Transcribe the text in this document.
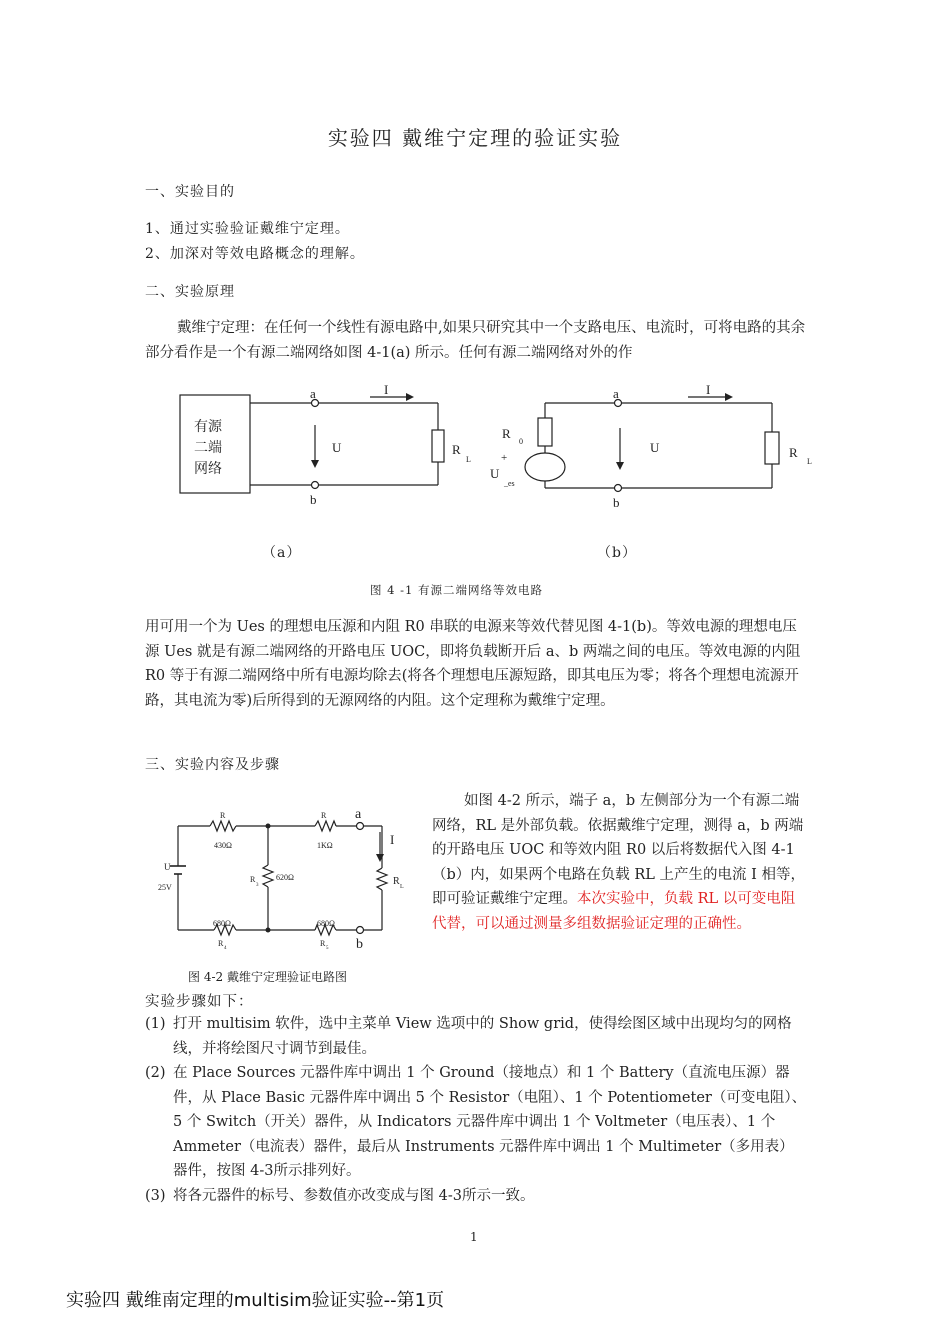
实验四 戴维宁定理的验证实验
一、实验目的
1、通过实验验证戴维宁定理。
2、加深对等效电路概念的理解。
二、实验原理
戴维宁定理：在任何一个线性有源电路中,如果只研究其中一个支路电压、电流时，可将电路的其余部分看作是一个有源二端网络如图 4-1(a) 所示。任何有源二端网络对外的作
有源
二端
网络
a
b
I
U	R
L
a
b
I
U	R
L
R
0
+
U
_es
（a）	（b）
图 4 -1 有源二端网络等效电路
用可用一个为 Ues 的理想电压源和内阻 R0 串联的电源来等效代替见图 4-1(b)。等效电源的理想电压源 Ues 就是有源二端网络的开路电压 UOC，即将负载断开后 a、b 两端之间的电压。等效电源的内阻 R0 等于有源二端网络中所有电源均除去(将各个理想电压源短路，即其电压为零；将各个理想电流源开路，其电流为零)后所得到的无源网络的内阻。这个定理称为戴维宁定理。
三、实验内容及步骤
R
430Ω
R
1KΩ
R
3
620Ω
680Ω
R
4
680Ω
R
5
U
25V
a
b
I
R L
图 4-2 戴维宁定理验证电路图
如图 4-2 所示，端子 a，b 左侧部分为一个有源二端网络，RL 是外部负载。依据戴维宁定理，测得 a，b 两端的开路电压 UOC 和等效内阻 R0 以后将数据代入图 4-1（b）内，如果两个电路在负载 RL 上产生的电流 I 相等，即可验证戴维宁定理。本次实验中，负载 RL 以可变电阻代替，可以通过测量多组数据验证定理的正确性。
实验步骤如下：
(1) 打开 multisim 软件，选中主菜单 View 选项中的 Show grid，使得绘图区域中出现均匀的网格线，并将绘图尺寸调节到最佳。
(2) 在 Place Sources 元器件库中调出 1 个 Ground（接地点）和 1 个 Battery（直流电压源）器件，从 Place Basic 元器件库中调出 5 个 Resistor（电阻）、1 个 Potentiometer（可变电阻）、5 个 Switch（开关）器件，从 Indicators 元器件库中调出 1 个 Voltmeter（电压表）、1 个 Ammeter（电流表）器件，最后从 Instruments 元器件库中调出 1 个 Multimeter（多用表）器件，按图 4-3所示排列好。
(3) 将各元器件的标号、参数值亦改变成与图 4-3所示一致。
1
实验四 戴维南定理的multisim验证实验--第1页
